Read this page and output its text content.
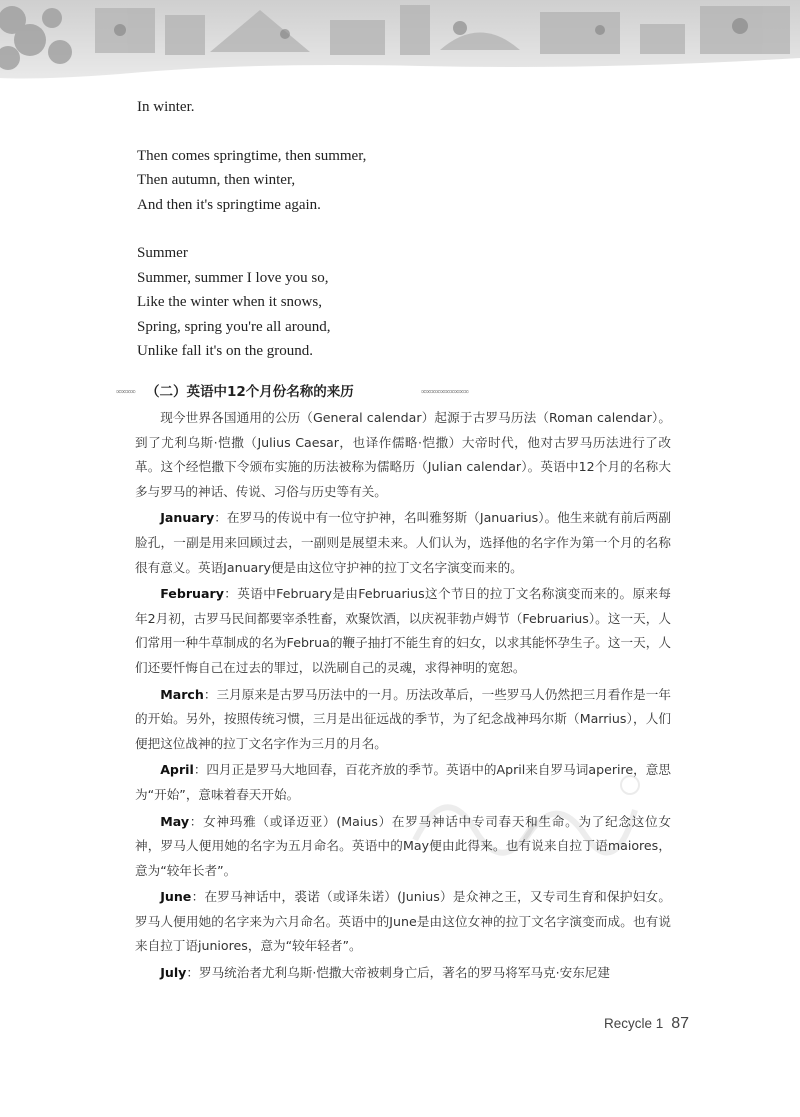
In winter.
Then comes springtime, then summer,
Then autumn, then winter,
And then it's springtime again.
Summer
Summer, summer I love you so,
Like the winter when it snows,
Spring, spring you're all around,
Unlike fall it's on the ground.
∞∞∞∞ （二）英语中12个月份名称的来历	∞∞∞∞∞∞∞∞∞∞

现今世界各国通用的公历（General calendar）起源于古罗马历法（Roman calendar）。到了尤利乌斯·恺撒（Julius Caesar，也译作儒略·恺撒）大帝时代，他对古罗马历法进行了改革。这个经恺撒下令颁布实施的历法被称为儒略历（Julian calendar）。英语中12个月的名称大多与罗马的神话、传说、习俗与历史等有关。

January：在罗马的传说中有一位守护神，名叫雅努斯（Januarius）。他生来就有前后两副脸孔，一副是用来回顾过去，一副则是展望未来。人们认为，选择他的名字作为第一个月的名称很有意义。英语January便是由这位守护神的拉丁文名字演变而来的。

February：英语中February是由Februarius这个节日的拉丁文名称演变而来的。原来每年2月初，古罗马民间都要宰杀牲畜，欢聚饮酒，以庆祝菲勃卢姆节（Februarius）。这一天，人们常用一种牛草制成的名为Februa的鞭子抽打不能生育的妇女，以求其能怀孕生子。这一天，人们还要忏悔自己在过去的罪过，以洗刷自己的灵魂，求得神明的宽恕。

March：三月原来是古罗马历法中的一月。历法改革后，一些罗马人仍然把三月看作是一年的开始。另外，按照传统习惯，三月是出征远战的季节，为了纪念战神玛尔斯（Marrius），人们便把这位战神的拉丁文名字作为三月的月名。

April：四月正是罗马大地回春，百花齐放的季节。英语中的April来自罗马词aperire，意思为“开始”，意味着春天开始。

May：女神玛雅（或译迈亚）(Maius）在罗马神话中专司春天和生命。为了纪念这位女神，罗马人便用她的名字为五月命名。英语中的May便由此得来。也有说来自拉丁语maiores，意为“较年长者”。

June：在罗马神话中，裘诺（或译朱诺）(Junius）是众神之王，又专司生育和保护妇女。罗马人便用她的名字来为六月命名。英语中的June是由这位女神的拉丁文名字演变而成。也有说来自拉丁语juniores，意为“较年轻者”。

July：罗马统治者尤利乌斯·恺撒大帝被刺身亡后，著名的罗马将军马克·安东尼建

Recycle 1 87
